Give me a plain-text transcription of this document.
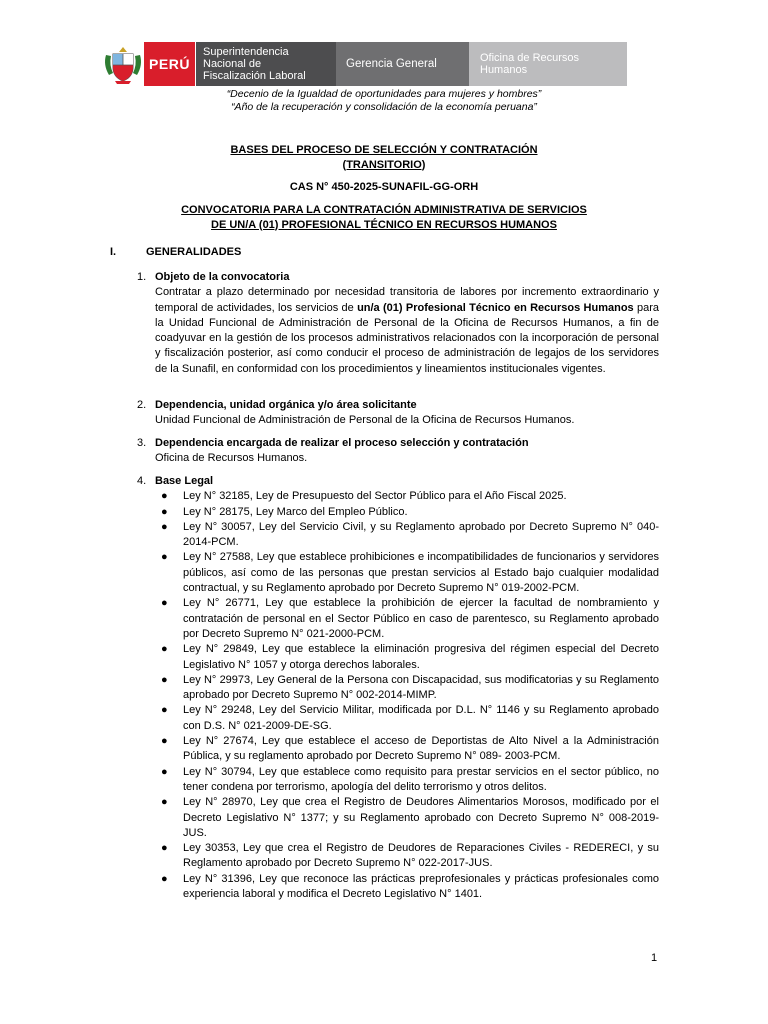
PERÚ
Superintendencia
Nacional de
Fiscalización Laboral
Gerencia General	Oficina de Recursos
Humanos
“Decenio de la Igualdad de oportunidades para mujeres y hombres”
“Año de la recuperación y consolidación de la economía peruana”
BASES DEL PROCESO DE SELECCIÓN Y CONTRATACIÓN
(TRANSITORIO)
CAS N° 450-2025-SUNAFIL-GG-ORH
CONVOCATORIA PARA LA CONTRATACIÓN ADMINISTRATIVA DE SERVICIOS
DE UN/A (01) PROFESIONAL TÉCNICO EN RECURSOS HUMANOS
I.	GENERALIDADES
1. Objeto de la convocatoria
Contratar a plazo determinado por necesidad transitoria de labores por incremento extraordinario y temporal de actividades, los servicios de un/a (01) Profesional Técnico en Recursos Humanos para la Unidad Funcional de Administración de Personal de la Oficina de Recursos Humanos, a fin de coadyuvar en la gestión de los procesos administrativos relacionados con la incorporación de personal y fiscalización posterior, así como conducir el proceso de administración de legajos de los servidores de la Sunafil, en conformidad con los procedimientos y lineamientos institucionales vigentes.
2. Dependencia, unidad orgánica y/o área solicitante
Unidad Funcional de Administración de Personal de la Oficina de Recursos Humanos.
3. Dependencia encargada de realizar el proceso selección y contratación
Oficina de Recursos Humanos.
4. Base Legal
● Ley N° 32185, Ley de Presupuesto del Sector Público para el Año Fiscal 2025.
● Ley N° 28175, Ley Marco del Empleo Público.
● Ley N° 30057, Ley del Servicio Civil, y su Reglamento aprobado por Decreto Supremo N° 040-2014-PCM.
● Ley N° 27588, Ley que establece prohibiciones e incompatibilidades de funcionarios y servidores públicos, así como de las personas que prestan servicios al Estado bajo cualquier modalidad contractual, y su Reglamento aprobado por Decreto Supremo N° 019-2002-PCM.
● Ley N° 26771, Ley que establece la prohibición de ejercer la facultad de nombramiento y contratación de personal en el Sector Público en caso de parentesco, su Reglamento aprobado por Decreto Supremo N° 021-2000-PCM.
● Ley N° 29849, Ley que establece la eliminación progresiva del régimen especial del Decreto Legislativo N° 1057 y otorga derechos laborales.
● Ley N° 29973, Ley General de la Persona con Discapacidad, sus modificatorias y su Reglamento aprobado por Decreto Supremo N° 002-2014-MIMP.
● Ley N° 29248, Ley del Servicio Militar, modificada por D.L. N° 1146 y su Reglamento aprobado con D.S. N° 021-2009-DE-SG.
● Ley N° 27674, Ley que establece el acceso de Deportistas de Alto Nivel a la Administración Pública, y su reglamento aprobado por Decreto Supremo N° 089- 2003-PCM.
● Ley N° 30794, Ley que establece como requisito para prestar servicios en el sector público, no tener condena por terrorismo, apología del delito terrorismo y otros delitos.
● Ley N° 28970, Ley que crea el Registro de Deudores Alimentarios Morosos, modificado por el Decreto Legislativo N° 1377; y su Reglamento aprobado con Decreto Supremo N° 008-2019-JUS.
● Ley 30353, Ley que crea el Registro de Deudores de Reparaciones Civiles - REDERECI, y su Reglamento aprobado por Decreto Supremo N° 022-2017-JUS.
● Ley N° 31396, Ley que reconoce las prácticas preprofesionales y prácticas profesionales como experiencia laboral y modifica el Decreto Legislativo N° 1401.
1
